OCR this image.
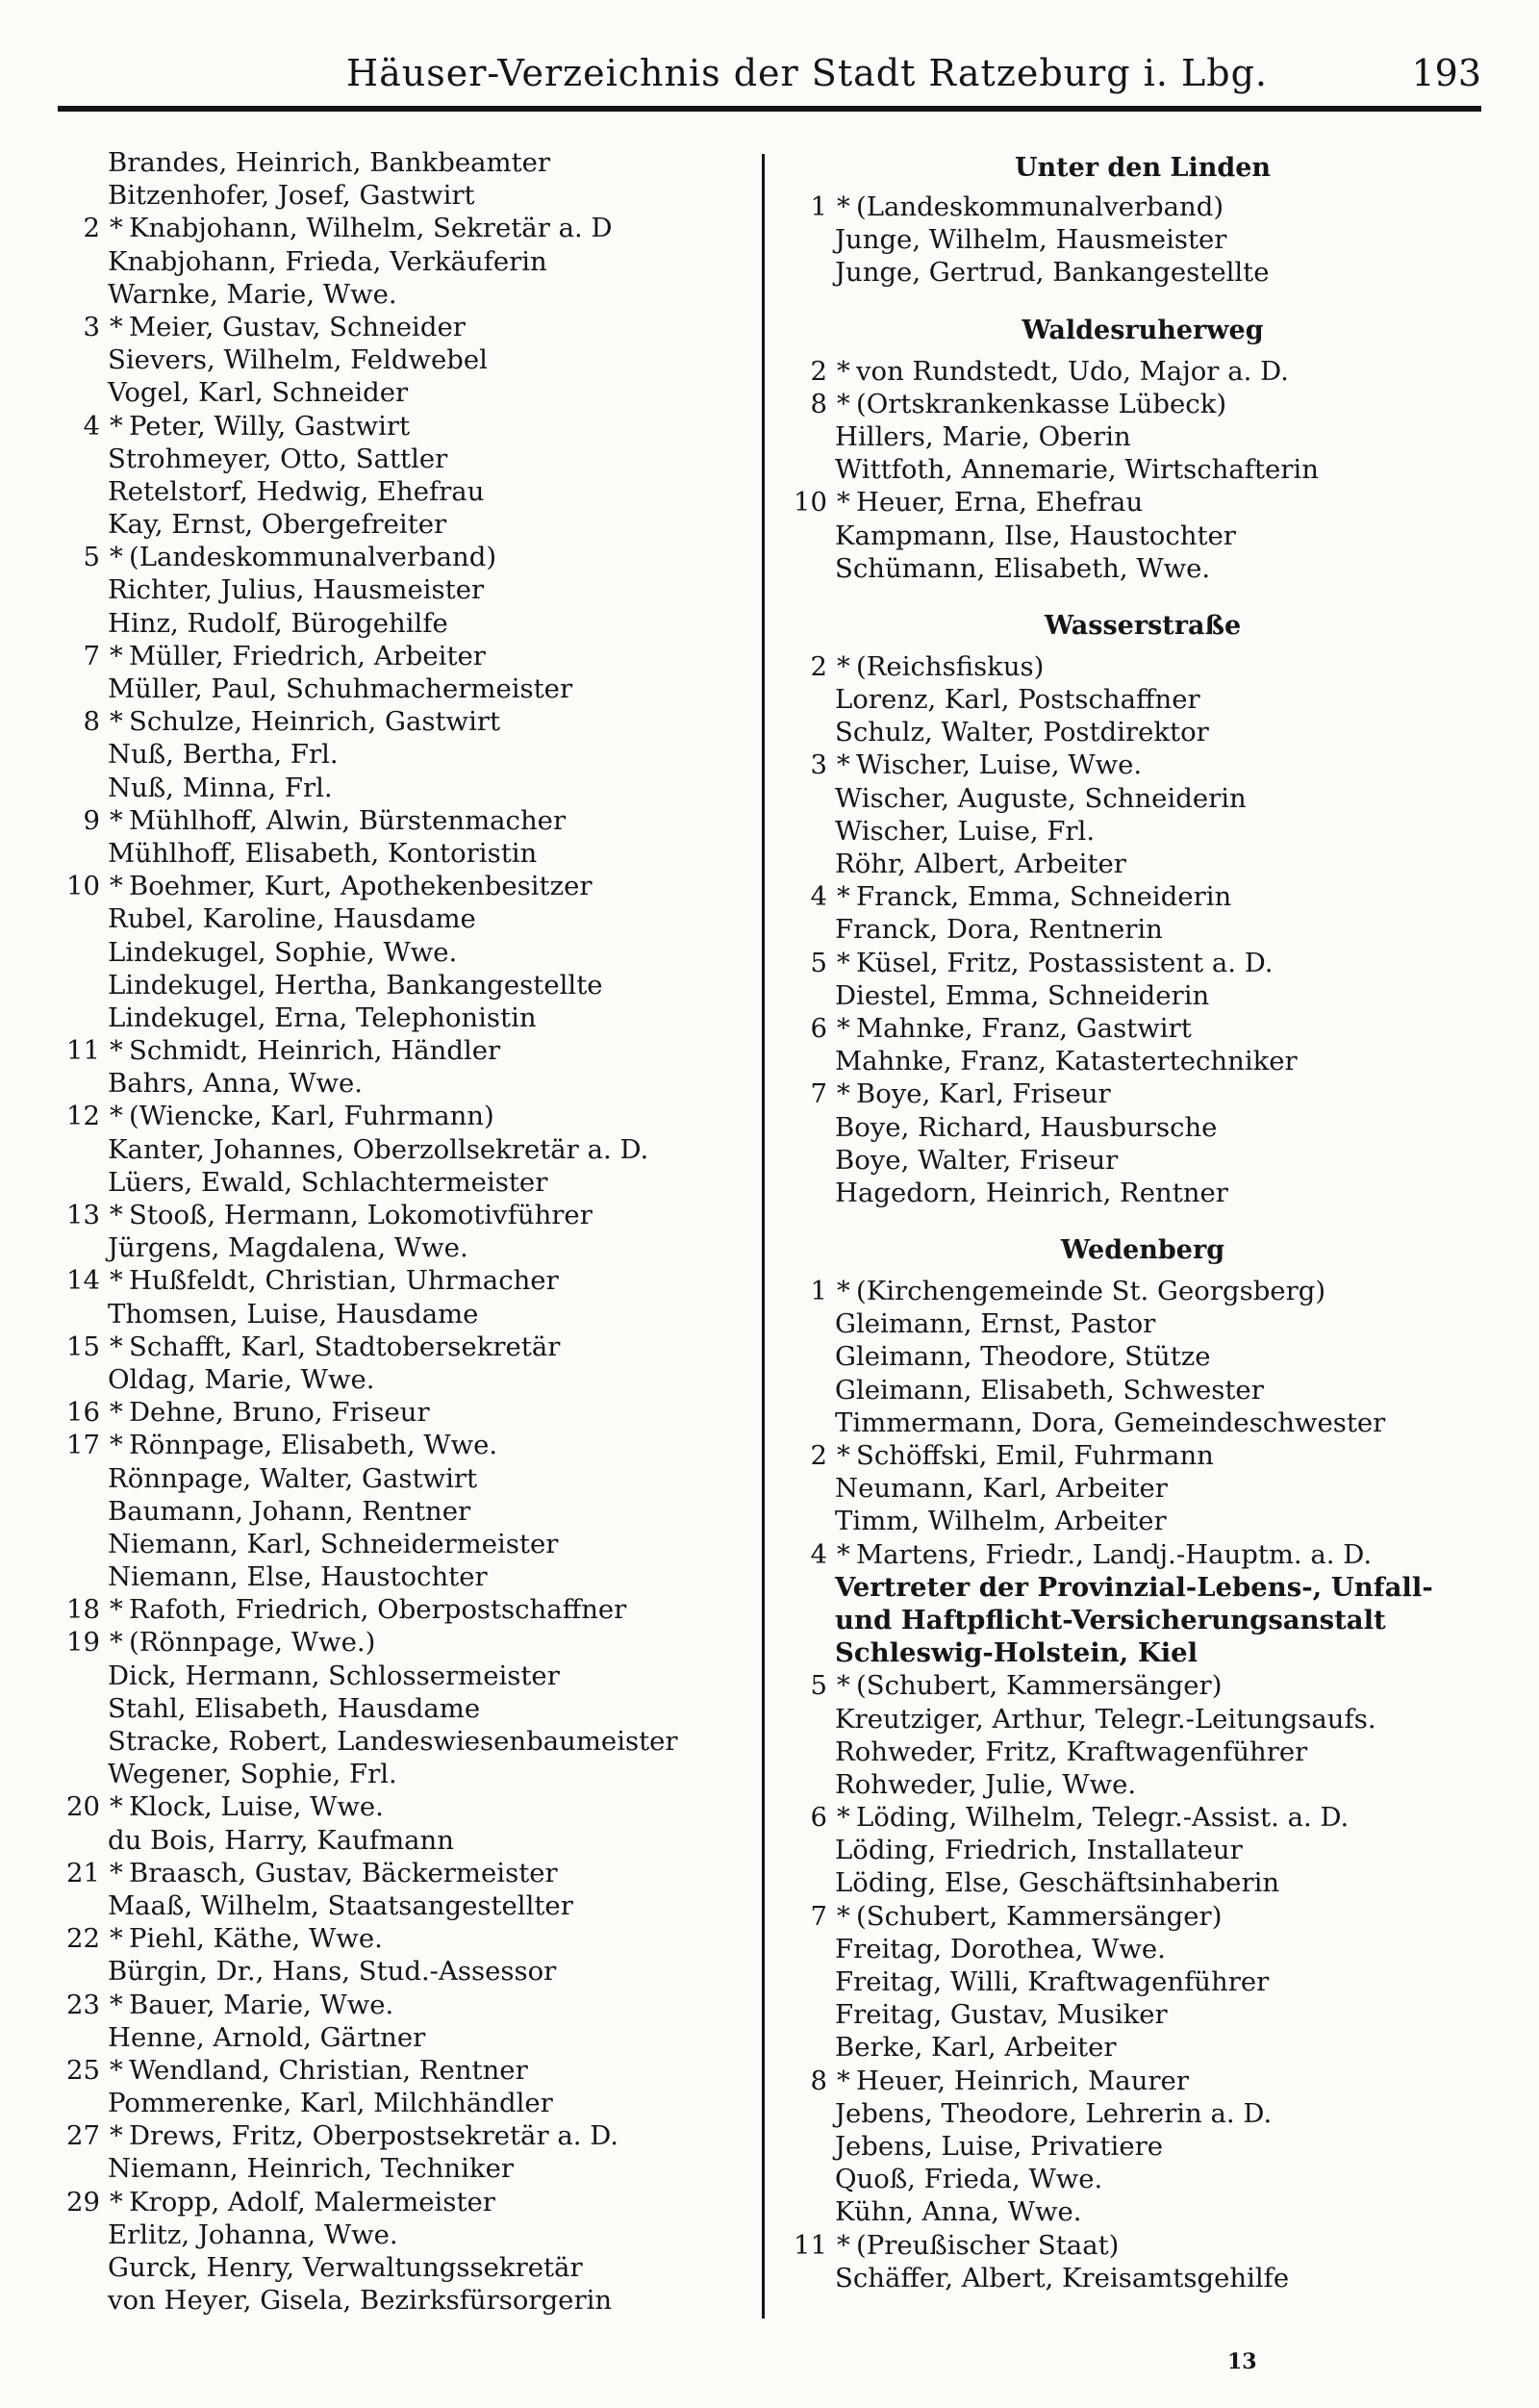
Häuser-Verzeichnis der Stadt Ratzeburg i. Lbg.	193
Brandes, Heinrich, Bankbeamter
Bitzenhofer, Josef, Gastwirt
2 * Knabjohann, Wilhelm, Sekretär a. D
Knabjohann, Frieda, Verkäuferin
Warnke, Marie, Wwe.
3 * Meier, Gustav, Schneider
Sievers, Wilhelm, Feldwebel
Vogel, Karl, Schneider
4 * Peter, Willy, Gastwirt
Strohmeyer, Otto, Sattler
Retelstorf, Hedwig, Ehefrau
Kay, Ernst, Obergefreiter
5 * (Landeskommunalverband)
Richter, Julius, Hausmeister
Hinz, Rudolf, Bürogehilfe
7 * Müller, Friedrich, Arbeiter
Müller, Paul, Schuhmachermeister
8 * Schulze, Heinrich, Gastwirt
Nuß, Bertha, Frl.
Nuß, Minna, Frl.
9 * Mühlhoff, Alwin, Bürstenmacher
Mühlhoff, Elisabeth, Kontoristin
10 * Boehmer, Kurt, Apothekenbesitzer
Rubel, Karoline, Hausdame
Lindekugel, Sophie, Wwe.
Lindekugel, Hertha, Bankangestellte
Lindekugel, Erna, Telephonistin
11 * Schmidt, Heinrich, Händler
Bahrs, Anna, Wwe.
12 * (Wiencke, Karl, Fuhrmann)
Kanter, Johannes, Oberzollsekretär a. D.
Lüers, Ewald, Schlachtermeister
13 * Stooß, Hermann, Lokomotivführer
Jürgens, Magdalena, Wwe.
14 * Hußfeldt, Christian, Uhrmacher
Thomsen, Luise, Hausdame
15 * Schafft, Karl, Stadtobersekretär
Oldag, Marie, Wwe.
16 * Dehne, Bruno, Friseur
17 * Rönnpage, Elisabeth, Wwe.
Rönnpage, Walter, Gastwirt
Baumann, Johann, Rentner
Niemann, Karl, Schneidermeister
Niemann, Else, Haustochter
18 * Rafoth, Friedrich, Oberpostschaffner
19 * (Rönnpage, Wwe.)
Dick, Hermann, Schlossermeister
Stahl, Elisabeth, Hausdame
Stracke, Robert, Landeswiesenbaumeister
Wegener, Sophie, Frl.
20 * Klock, Luise, Wwe.
du Bois, Harry, Kaufmann
21 * Braasch, Gustav, Bäckermeister
Maaß, Wilhelm, Staatsangestellter
22 * Piehl, Käthe, Wwe.
Bürgin, Dr., Hans, Stud.-Assessor
23 * Bauer, Marie, Wwe.
Henne, Arnold, Gärtner
25 * Wendland, Christian, Rentner
Pommerenke, Karl, Milchhändler
27 * Drews, Fritz, Oberpostsekretär a. D.
Niemann, Heinrich, Techniker
29 * Kropp, Adolf, Malermeister
Erlitz, Johanna, Wwe.
Gurck, Henry, Verwaltungssekretär
von Heyer, Gisela, Bezirksfürsorgerin
Unter den Linden
1 * (Landeskommunalverband)
Junge, Wilhelm, Hausmeister
Junge, Gertrud, Bankangestellte
Waldesruherweg
2 * von Rundstedt, Udo, Major a. D.
8 * (Ortskrankenkasse Lübeck)
Hillers, Marie, Oberin
Wittfoth, Annemarie, Wirtschafterin
10 * Heuer, Erna, Ehefrau
Kampmann, Ilse, Haustochter
Schümann, Elisabeth, Wwe.
Wasserstraße
2 * (Reichsfiskus)
Lorenz, Karl, Postschaffner
Schulz, Walter, Postdirektor
3 * Wischer, Luise, Wwe.
Wischer, Auguste, Schneiderin
Wischer, Luise, Frl.
Röhr, Albert, Arbeiter
4 * Franck, Emma, Schneiderin
Franck, Dora, Rentnerin
5 * Küsel, Fritz, Postassistent a. D.
Diestel, Emma, Schneiderin
6 * Mahnke, Franz, Gastwirt
Mahnke, Franz, Katastertechniker
7 * Boye, Karl, Friseur
Boye, Richard, Hausbursche
Boye, Walter, Friseur
Hagedorn, Heinrich, Rentner
Wedenberg
1 * (Kirchengemeinde St. Georgsberg)
Gleimann, Ernst, Pastor
Gleimann, Theodore, Stütze
Gleimann, Elisabeth, Schwester
Timmermann, Dora, Gemeindeschwester
2 * Schöffski, Emil, Fuhrmann
Neumann, Karl, Arbeiter
Timm, Wilhelm, Arbeiter
4 * Martens, Friedr., Landj.-Hauptm. a. D.
Vertreter der Provinzial-Lebens-, Unfall-
und Haftpflicht-Versicherungsanstalt
Schleswig-Holstein, Kiel
5 * (Schubert, Kammersänger)
Kreutziger, Arthur, Telegr.-Leitungsaufs.
Rohweder, Fritz, Kraftwagenführer
Rohweder, Julie, Wwe.
6 * Löding, Wilhelm, Telegr.-Assist. a. D.
Löding, Friedrich, Installateur
Löding, Else, Geschäftsinhaberin
7 * (Schubert, Kammersänger)
Freitag, Dorothea, Wwe.
Freitag, Willi, Kraftwagenführer
Freitag, Gustav, Musiker
Berke, Karl, Arbeiter
8 * Heuer, Heinrich, Maurer
Jebens, Theodore, Lehrerin a. D.
Jebens, Luise, Privatiere
Quoß, Frieda, Wwe.
Kühn, Anna, Wwe.
11 * (Preußischer Staat)
Schäffer, Albert, Kreisamtsgehilfe
13
